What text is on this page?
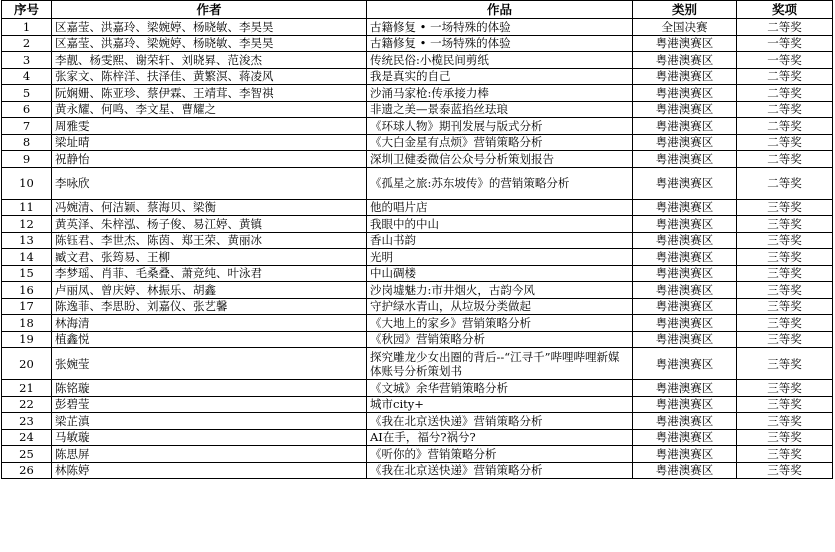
序号	作者	作品	类别	奖项
1	区嘉莹、洪嘉玲、梁婉婷、杨晓敏、李昊昊	古籍修复 • 一场特殊的体验	全国决赛	二等奖
2	区嘉莹、洪嘉玲、梁婉婷、杨晓敏、李昊昊	古籍修复 • 一场特殊的体验	粤港澳赛区	一等奖
3	李靓、杨雯熙、谢荣轩、刘晓昪、范浚杰	传统民俗:小榄民间剪纸	粤港澳赛区	一等奖
4	张家文、陈梓洋、扶泽佳、黄繁溟、蒋凌风	我是真实的自己	粤港澳赛区	二等奖
5	阮娴姗、陈亚珍、蔡伊霖、王靖茸、李智祺	沙涌马家枪:传承接力棒	粤港澳赛区	二等奖
6	黄永耀、何鸣、李文星、曹耀之	非遗之美—景泰蓝掐丝珐琅	粤港澳赛区	二等奖
7	周雅雯	《环球人物》期刊发展与版式分析	粤港澳赛区	二等奖
8	梁址晴	《大白金星有点烦》营销策略分析	粤港澳赛区	二等奖
9	祝静怡	深圳卫健委微信公众号分析策划报告	粤港澳赛区	二等奖
10	李咏欣	《孤星之旅:苏东坡传》的营销策略分析	粤港澳赛区	二等奖
11	冯婉清、何洁颖、蔡海贝、梁衡	他的唱片店	粤港澳赛区	三等奖
12	黄英泽、朱梓泓、杨子俊、易江婷、黄镇	我眼中的中山	粤港澳赛区	三等奖
13	陈钰君、李世杰、陈茵、郑王荣、黄丽冰	香山书韵	粤港澳赛区	三等奖
14	臧文君、张筠易、王柳	光明	粤港澳赛区	三等奖
15	李梦瑶、肖菲、毛桑叠、萧竞纯、叶泳君	中山碉楼	粤港澳赛区	三等奖
16	卢丽凤、曾庆婷、林振乐、胡鑫	沙岗墟魅力:市井烟火，古韵今风	粤港澳赛区	三等奖
17	陈逸菲、李思盼、刘嘉仪、张艺馨	守护绿水青山，从垃圾分类做起	粤港澳赛区	三等奖
18	林海清	《大地上的家乡》营销策略分析	粤港澳赛区	三等奖
19	植鑫悦	《秋园》营销策略分析	粤港澳赛区	三等奖
20	张婉莹	探究雕龙少女出圈的背后--“江寻千”哔哩哔哩新媒体账号分析策划书	粤港澳赛区	三等奖
21	陈铭璇	《文城》余华营销策略分析	粤港澳赛区	三等奖
22	彭碧莹	城市city+	粤港澳赛区	三等奖
23	梁芷滇	《我在北京送快递》营销策略分析	粤港澳赛区	三等奖
24	马敏璇	AI在手，福兮?祸兮?	粤港澳赛区	三等奖
25	陈思屏	《听你的》营销策略分析	粤港澳赛区	三等奖
26	林陈婷	《我在北京送快递》营销策略分析	粤港澳赛区	三等奖
